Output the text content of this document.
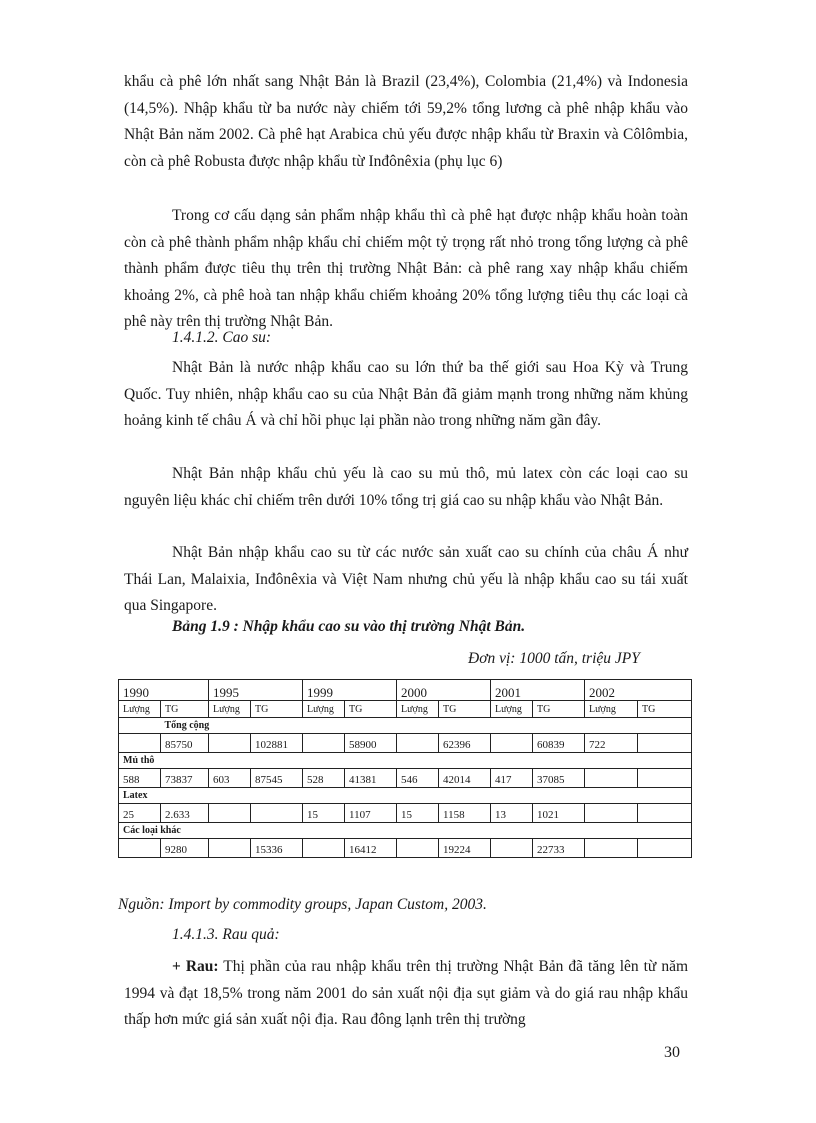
khẩu cà phê lớn nhất sang Nhật Bản là Brazil (23,4%), Colombia (21,4%) và Indonesia (14,5%). Nhập khẩu từ ba nước này chiếm tới 59,2% tổng lương cà phê nhập khẩu vào Nhật Bản năm 2002. Cà phê hạt Arabica chủ yếu được nhập khẩu từ Braxin và Côlômbia, còn cà phê Robusta được nhập khẩu từ Inđônêxia (phụ lục 6)

Trong cơ cấu dạng sản phẩm nhập khẩu thì cà phê hạt được nhập khẩu hoàn toàn còn cà phê thành phẩm nhập khẩu chỉ chiếm một tỷ trọng rất nhỏ trong tổng lượng cà phê thành phẩm được tiêu thụ trên thị trường Nhật Bản: cà phê rang xay nhập khẩu chiếm khoảng 2%, cà phê hoà tan nhập khẩu chiếm khoảng 20% tổng lượng tiêu thụ các loại cà phê này trên thị trường Nhật Bản.

1.4.1.2. Cao su:

Nhật Bản là nước nhập khẩu cao su lớn thứ ba thế giới sau Hoa Kỳ và Trung Quốc. Tuy nhiên, nhập khẩu cao su của Nhật Bản đã giảm mạnh trong những năm khủng hoảng kinh tế châu Á và chỉ hồi phục lại phần nào trong những năm gần đây.

Nhật Bản nhập khẩu chủ yếu là cao su mủ thô, mủ latex còn các loại cao su nguyên liệu khác chỉ chiếm trên dưới 10% tổng trị giá cao su nhập khẩu vào Nhật Bản.

Nhật Bản nhập khẩu cao su từ các nước sản xuất cao su chính của châu Á như Thái Lan, Malaixia, Inđônêxia và Việt Nam nhưng chủ yếu là nhập khẩu cao su tái xuất qua Singapore.

Bảng 1.9 : Nhập khẩu cao su vào thị trường Nhật Bản.

Đơn vị: 1000 tấn, triệu JPY

1990		1995		1999		2000		2001		2002	
Lượng	TG	Lượng	TG	Lượng	TG	Lượng	TG	Lượng	TG	Lượng	TG
	Tổng cộng										
	85750		102881		58900		62396		60839	722	
Mủ thô											
588	73837	603	87545	528	41381	546	42014	417	37085		
Latex											
25	2.633			15	1107	15	1158	13	1021		
Các loại khác											
	9280		15336		16412		19224		22733		

Nguồn: Import by commodity groups, Japan Custom, 2003.

1.4.1.3. Rau quả:

+ Rau: Thị phần của rau nhập khẩu trên thị trường Nhật Bản đã tăng lên từ năm 1994 và đạt 18,5% trong năm 2001 do sản xuất nội địa sụt giảm và do giá rau nhập khẩu thấp hơn mức giá sản xuất nội địa. Rau đông lạnh trên thị trường

30
